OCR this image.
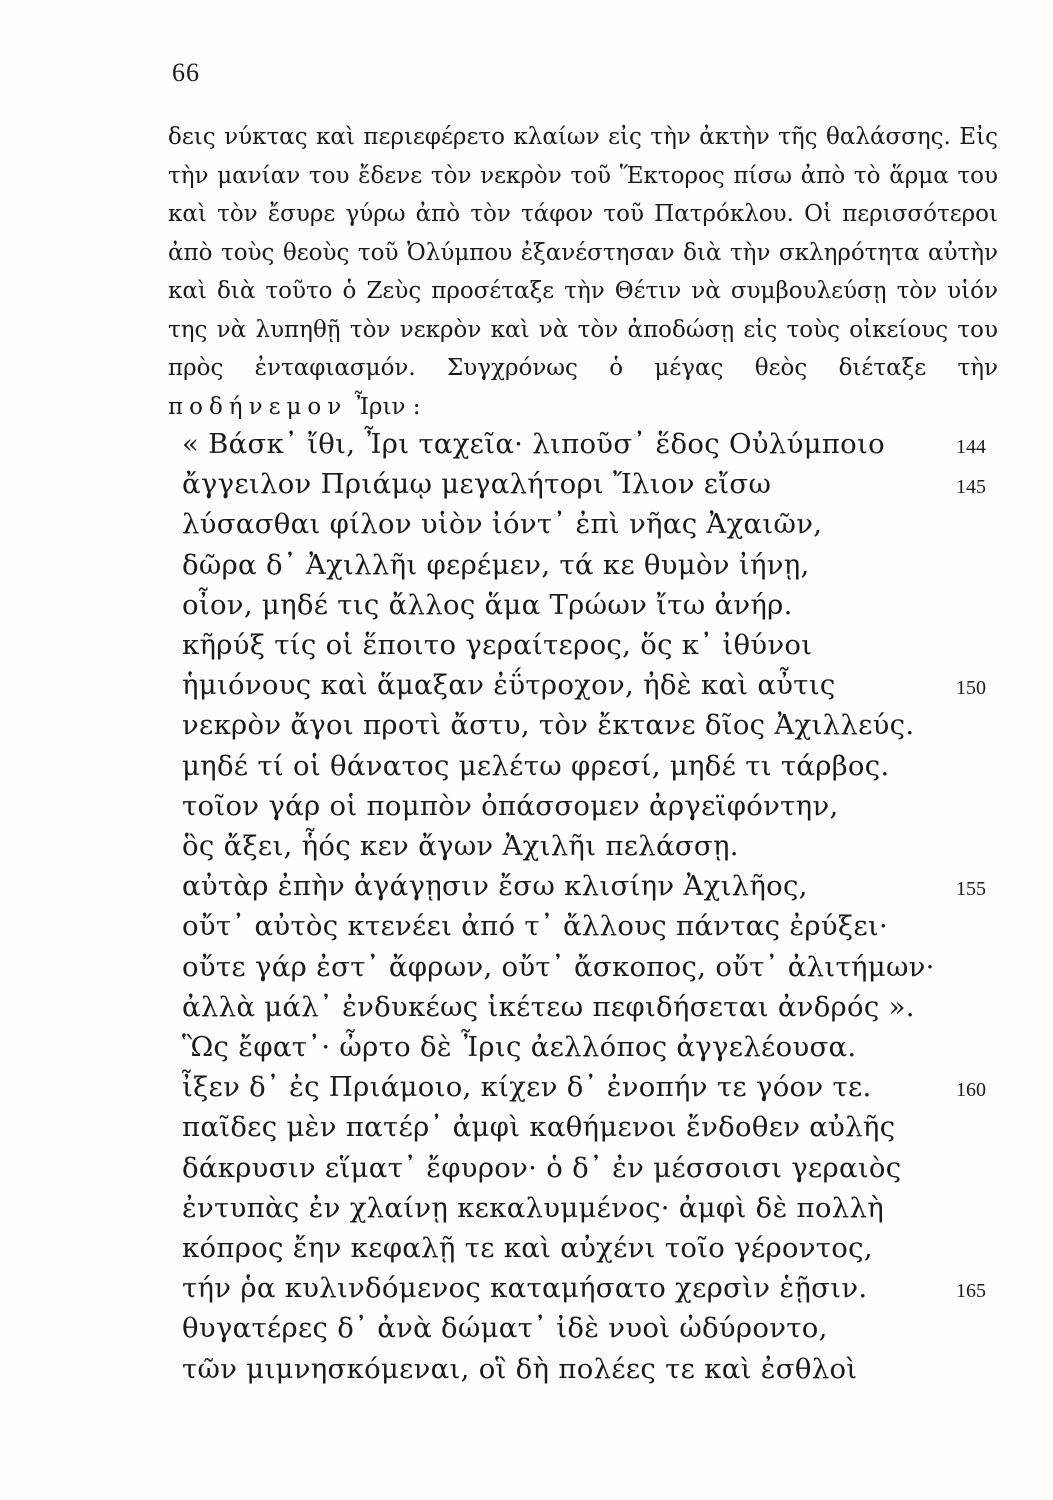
66

δεις νύκτας καὶ περιεφέρετο κλαίων εἰς τὴν ἀκτὴν τῆς θαλάσσης. Εἰς τὴν μανίαν του ἔδενε τὸν νεκρὸν τοῦ Ἕκτορος πίσω ἀπὸ τὸ ἅρμα του καὶ τὸν ἔσυρε γύρω ἀπὸ τὸν τάφον τοῦ Πατρόκλου. Οἱ περισσότεροι ἀπὸ τοὺς θεοὺς τοῦ Ὀλύμπου ἐξανέστησαν διὰ τὴν σκληρότητα αὐτὴν καὶ διὰ τοῦτο ὁ Ζεὺς προσέταξε τὴν Θέτιν νὰ συμβουλεύσῃ τὸν υἱόν της νὰ λυπηθῇ τὸν νεκρὸν καὶ νὰ τὸν ἀποδώσῃ εἰς τοὺς οἰκείους του πρὸς ἐνταφιασμόν. Συγχρόνως ὁ μέγας θεὸς διέταξε τὴν ποδήνεμον Ἶριν :

« Βάσκ᾽ ἴθι, Ἶρι ταχεῖα· λιποῦσ᾽ ἕδος Οὐλύμποιο	144
ἄγγειλον Πριάμῳ μεγαλήτορι Ἴλιον εἴσω	145
λύσασθαι φίλον υἱὸν ἰόντ᾽ ἐπὶ νῆας Ἀχαιῶν,
δῶρα δ᾽ Ἀχιλλῆι φερέμεν, τά κε θυμὸν ἰήνῃ,
οἶον, μηδέ τις ἄλλος ἅμα Τρώων ἴτω ἀνήρ.
κῆρύξ τίς οἱ ἕποιτο γεραίτερος, ὅς κ᾽ ἰθύνοι
ἡμιόνους καὶ ἅμαξαν ἐΰτροχον, ἠδὲ καὶ αὖτις	150
νεκρὸν ἄγοι προτὶ ἄστυ, τὸν ἔκτανε δῖος Ἀχιλλεύς.
μηδέ τί οἱ θάνατος μελέτω φρεσί, μηδέ τι τάρβος.
τοῖον γάρ οἱ πομπὸν ὀπάσσομεν ἀργεϊφόντην,
ὃς ἄξει, ἧός κεν ἄγων Ἀχιλῆι πελάσσῃ.
αὐτὰρ ἐπὴν ἀγάγῃσιν ἔσω κλισίην Ἀχιλῆος,	155
οὔτ᾽ αὐτὸς κτενέει ἀπό τ᾽ ἄλλους πάντας ἐρύξει·
οὔτε γάρ ἐστ᾽ ἄφρων, οὔτ᾽ ἄσκοπος, οὔτ᾽ ἀλιτήμων·
ἀλλὰ μάλ᾽ ἐνδυκέως ἱκέτεω πεφιδήσεται ἀνδρός ».
Ὣς ἔφατ᾽· ὦρτο δὲ Ἶρις ἀελλόπος ἀγγελέουσα.
ἶξεν δ᾽ ἐς Πριάμοιο, κίχεν δ᾽ ἐνοπήν τε γόον τε.	160
παῖδες μὲν πατέρ᾽ ἀμφὶ καθήμενοι ἔνδοθεν αὐλῆς
δάκρυσιν εἵματ᾽ ἔφυρον· ὁ δ᾽ ἐν μέσσοισι γεραιὸς
ἐντυπὰς ἐν χλαίνῃ κεκαλυμμένος· ἀμφὶ δὲ πολλὴ
κόπρος ἔην κεφαλῇ τε καὶ αὐχένι τοῖο γέροντος,
τήν ῥα κυλινδόμενος καταμήσατο χερσὶν ἑῇσιν.	165
θυγατέρες δ᾽ ἀνὰ δώματ᾽ ἰδὲ νυοὶ ὠδύροντο,
τῶν μιμνησκόμεναι, οἳ δὴ πολέες τε καὶ ἐσθλοὶ
